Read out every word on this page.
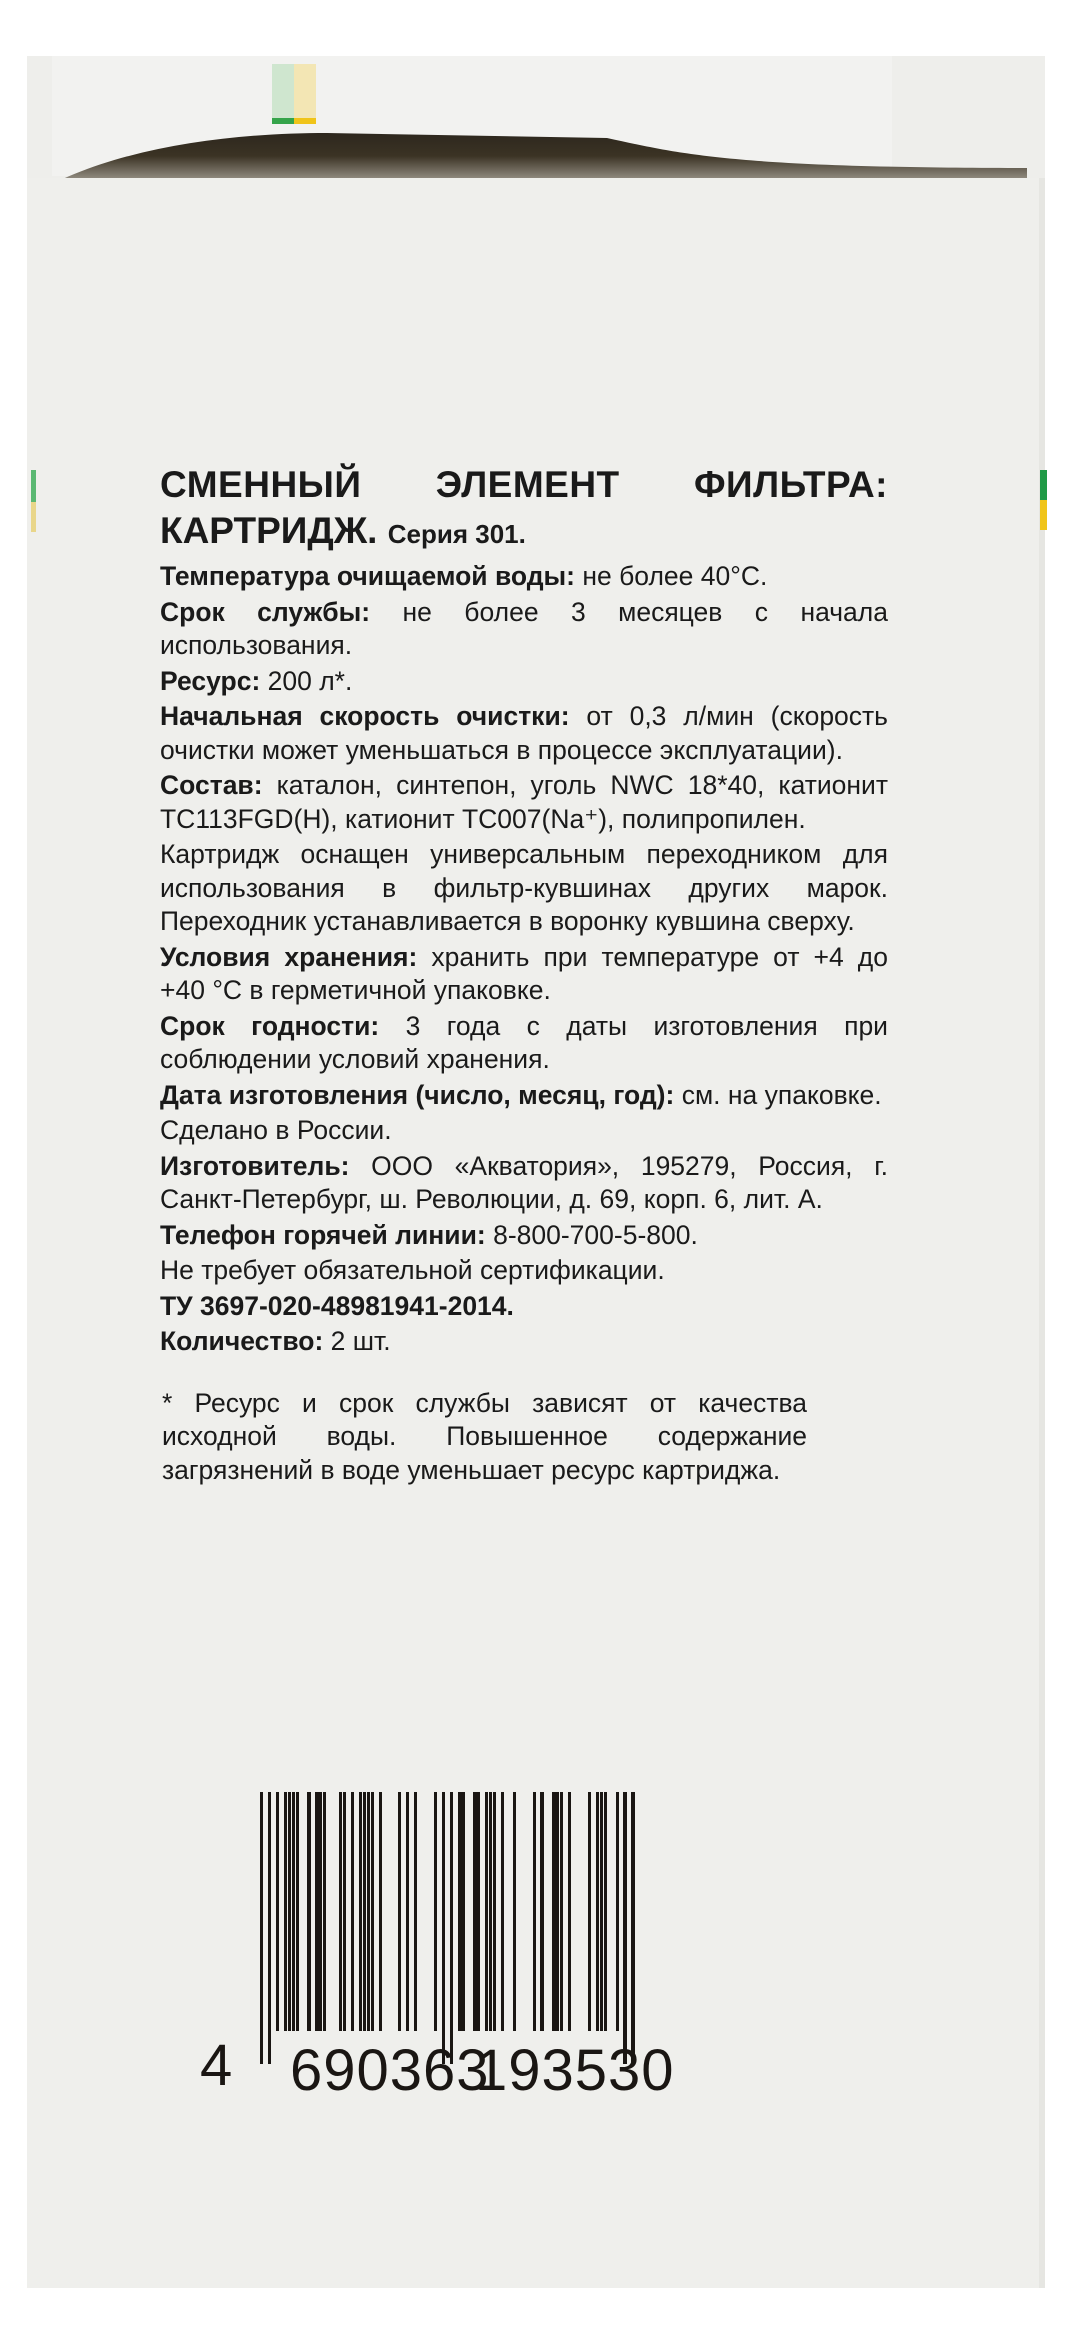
СМЕННЫЙ ЭЛЕМЕНТ ФИЛЬТРА:

КАРТРИДЖ. Серия 301.

Температура очищаемой воды: не более 40°C.

Срок службы: не более 3 месяцев с начала использования.

Ресурс: 200 л*.

Начальная скорость очистки: от 0,3 л/мин (скорость очистки может уменьшаться в процессе эксплуатации).

Состав: каталон, синтепон, уголь NWC 18*40, катионит TC113FGD(H), катионит TC007(Na⁺), полипропилен.

Картридж оснащен универсальным переходником для использования в фильтр-кувшинах других марок. Переходник устанавливается в воронку кувшина сверху.

Условия хранения: хранить при температуре от +4 до +40 °С в герметичной упаковке.

Срок годности: 3 года с даты изготовления при соблюдении условий хранения.

Дата изготовления (число, месяц, год): см. на упаковке.

Сделано в России.

Изготовитель: ООО «Акватория», 195279, Россия, г. Санкт-Петербург, ш. Революции, д. 69, корп. 6, лит. А.

Телефон горячей линии: 8-800-700-5-800.

Не требует обязательной сертификации.

ТУ 3697-020-48981941-2014.

Количество: 2 шт.

* Ресурс и срок службы зависят от качества исходной воды. Повышенное содержание загрязнений в воде уменьшает ресурс картриджа.

4 690363
193530
